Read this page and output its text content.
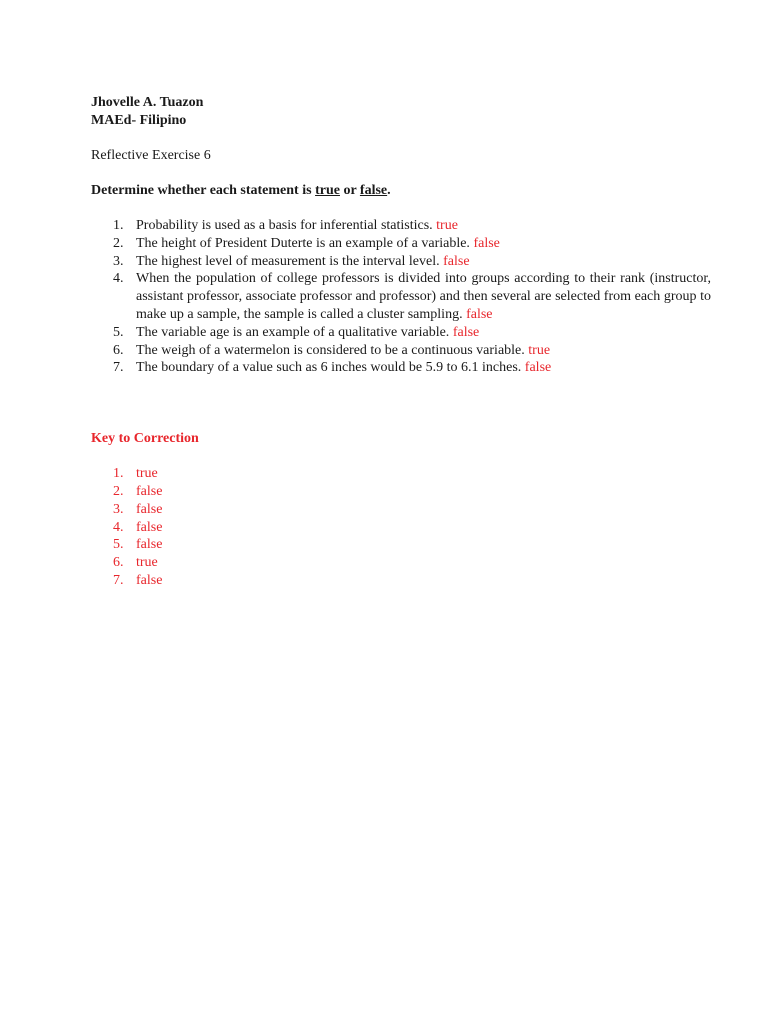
Jhovelle A. Tuazon

MAEd- Filipino

Reflective Exercise 6
Determine whether each statement is true or false.
1. Probability is used as a basis for inferential statistics. true
2. The height of President Duterte is an example of a variable. false
3. The highest level of measurement is the interval level. false
4. When the population of college professors is divided into groups according to their rank (instructor, assistant professor, associate professor and professor) and then several are selected from each group to make up a sample, the sample is called a cluster sampling. false
5. The variable age is an example of a qualitative variable. false
6. The weigh of a watermelon is considered to be a continuous variable. true
7. The boundary of a value such as 6 inches would be 5.9 to 6.1 inches. false
Key to Correction
1. true
2. false
3. false
4. false
5. false
6. true
7. false
